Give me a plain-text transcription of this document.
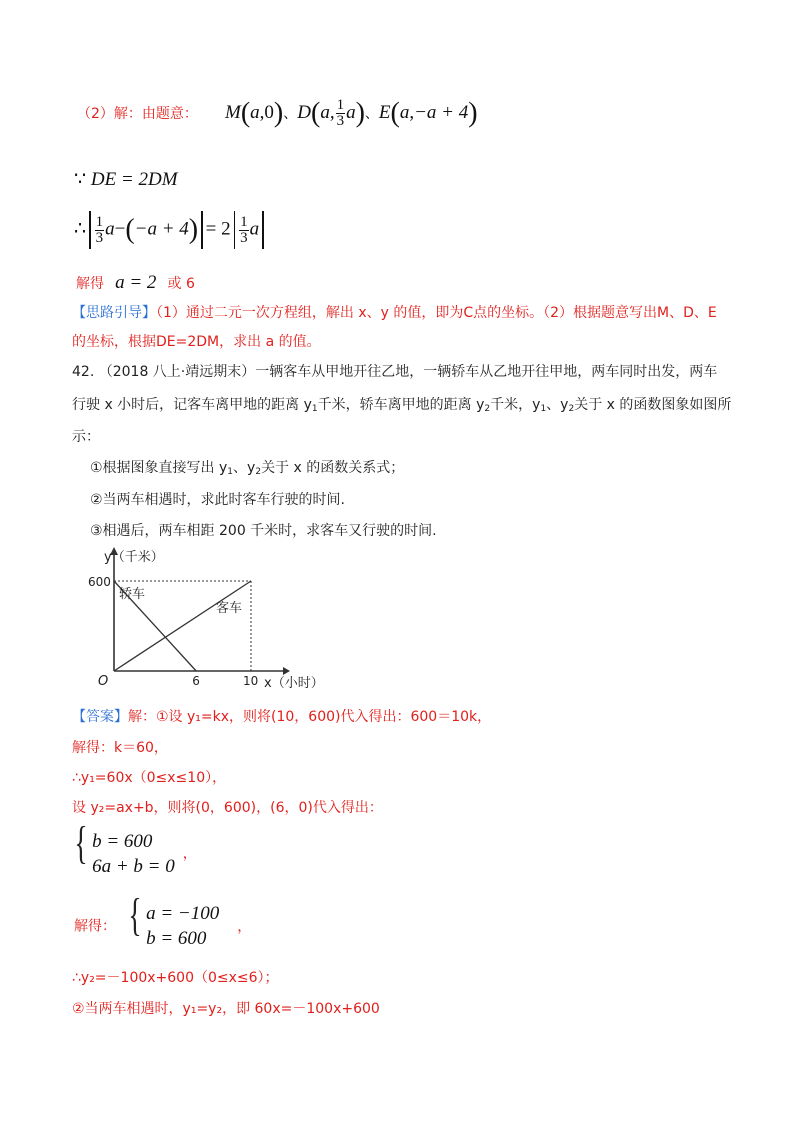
（2）解：由题意： M(a,0)、D(a, $\frac{1}{3} a$)、E(a,−a + 4)
∵ DE = 2DM
∴ $\frac{1}{3} a-(-a + 4) = 2 \frac{1}{3}$ a
解得 a = 2 或 6
【思路引导】（1）通过二元一次方程组，解出 x、y 的值，即为C点的坐标。（2）根据题意写出M、D、E
的坐标，根据DE=2DM，求出 a 的值。
42. （2018 八上·靖远期末）一辆客车从甲地开往乙地，一辆轿车从乙地开往甲地，两车同时出发，两车
行驶 x 小时后，记客车离甲地的距离 $y_1$千米，轿车离甲地的距离 $y_2$千米，$y_1$、$y_2$关于 x 的函数图象如图所
示：
①根据图象直接写出 $y_1$、$y_2$关于 x 的函数关系式；
②当两车相遇时，求此时客车行驶的时间.
③相遇后，两车相距 200 千米时，求客车又行驶的时间.
轿车
客车
600
6	10
O
y（千米）
x（小时）
【答案】解：①设 y₁=kx，则将(10，600)代入得出：600＝10k，
解得：k＝60，
∴y₁=60x（0≤x≤10），
设 y₂=ax+b，则将(0，600)，(6，0)代入得出：
{ b = 600
6a + b = 0
，
解得： { a = −100
b = 600
，
∴y₂=－100x+600（0≤x≤6）；
②当两车相遇时，y₁=y₂，即 60x=－100x+600
